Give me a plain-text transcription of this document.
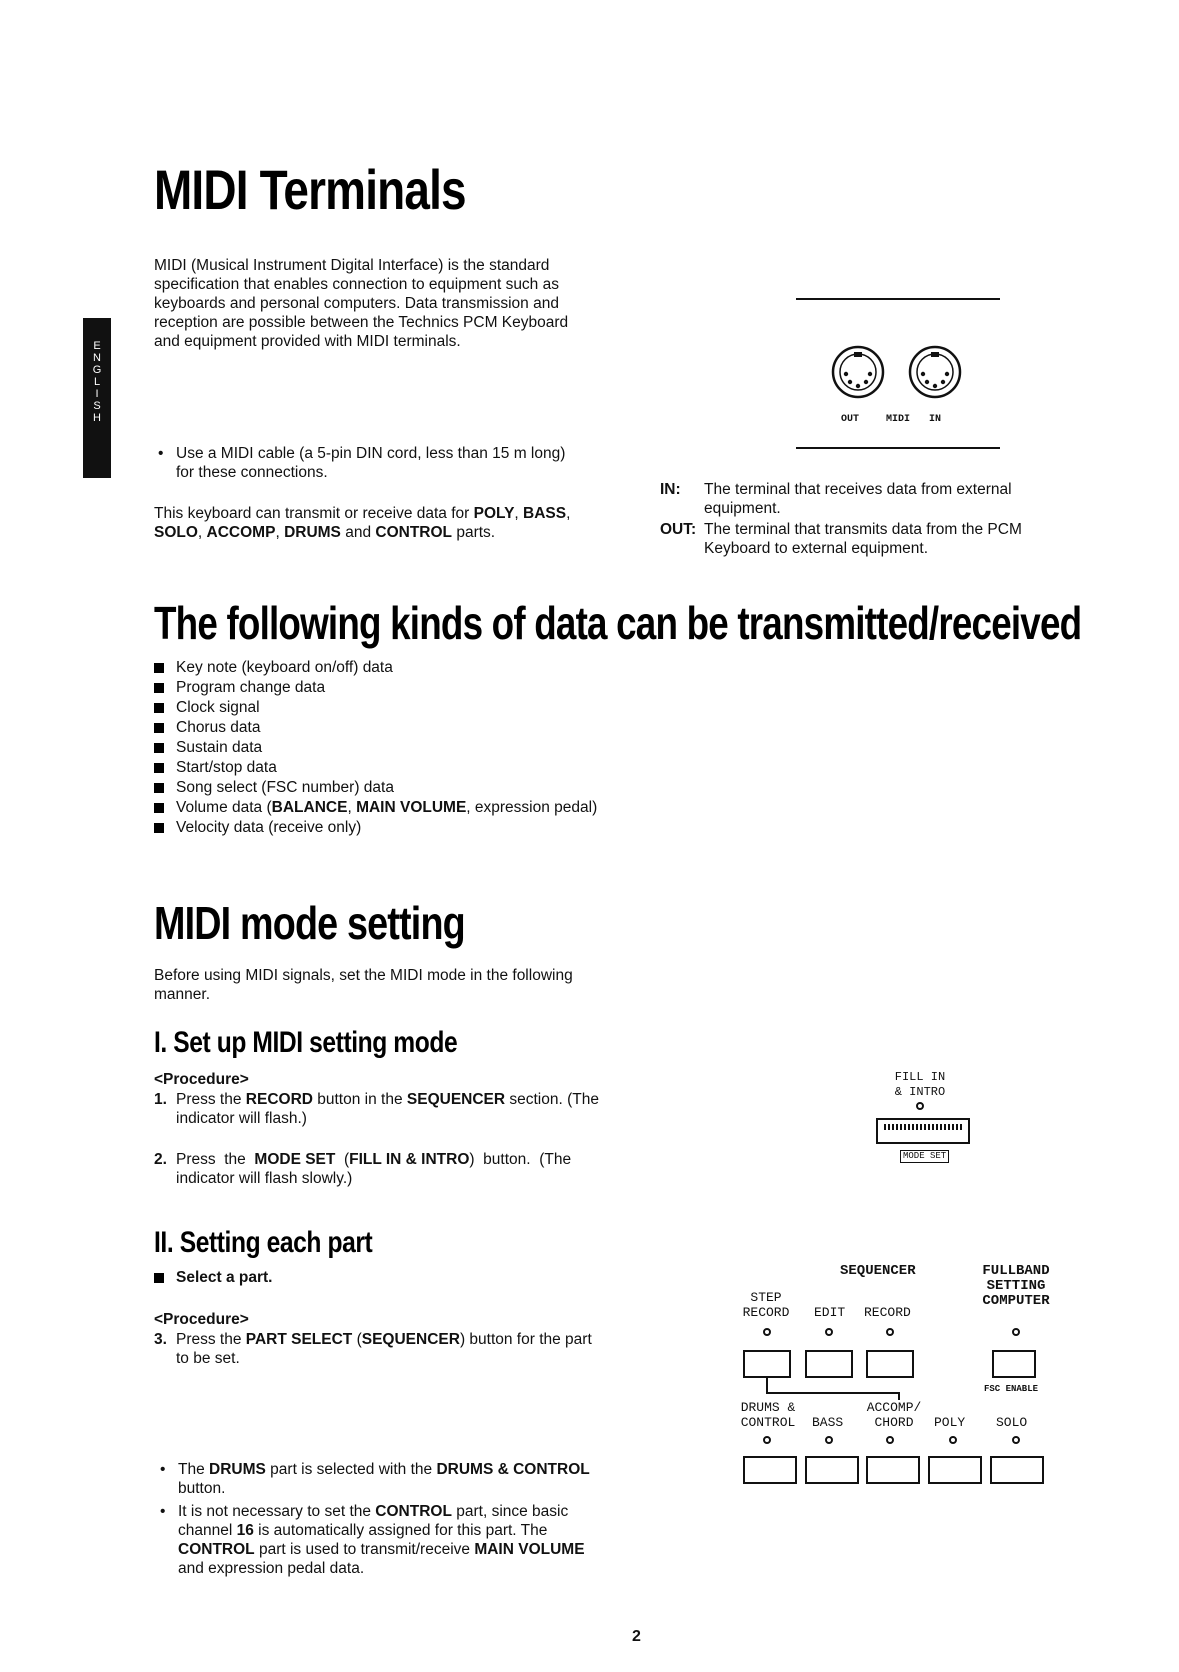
E
N
G
L
I
S
H
MIDI Terminals
MIDI (Musical Instrument Digital Interface) is the standard
specification that enables connection to equipment such as
keyboards and personal computers. Data transmission and
reception are possible between the Technics PCM Keyboard
and equipment provided with MIDI terminals.
• Use a MIDI cable (a 5-pin DIN cord, less than 15 m long)
for these connections.
This keyboard can transmit or receive data for POLY, BASS,
SOLO, ACCOMP, DRUMS and CONTROL parts.
OUT	MIDI IN
IN:	The terminal that receives data from external
equipment.
OUT: The terminal that transmits data from the PCM
Keyboard to external equipment.
The following kinds of data can be transmitted/received
Key note (keyboard on/off) data
Program change data
Clock signal
Chorus data
Sustain data
Start/stop data
Song select (FSC number) data
Volume data (BALANCE, MAIN VOLUME, expression pedal)
Velocity data (receive only)
MIDI mode setting
Before using MIDI signals, set the MIDI mode in the following
manner.
I. Set up MIDI setting mode
<Procedure>
1. Press the RECORD button in the SEQUENCER section. (The
indicator will flash.)
2. Press  the  MODE SET  (FILL IN & INTRO)  button.  (The
indicator will flash slowly.)
FILL IN
& INTRO
MODE SET
II. Setting each part
Select a part.
<Procedure>
3. Press the PART SELECT (SEQUENCER) button for the part
to be set.
• The DRUMS part is selected with the DRUMS & CONTROL
button.
• It is not necessary to set the CONTROL part, since basic
channel 16 is automatically assigned for this part. The
CONTROL part is used to transmit/receive MAIN VOLUME
and expression pedal data.
SEQUENCER	FULLBAND
SETTING
COMPUTER
STEP
RECORD	EDIT RECORD
FSC ENABLE
DRUMS &
CONTROL	BASS
ACCOMP/
CHORD	POLY SOLO
2
